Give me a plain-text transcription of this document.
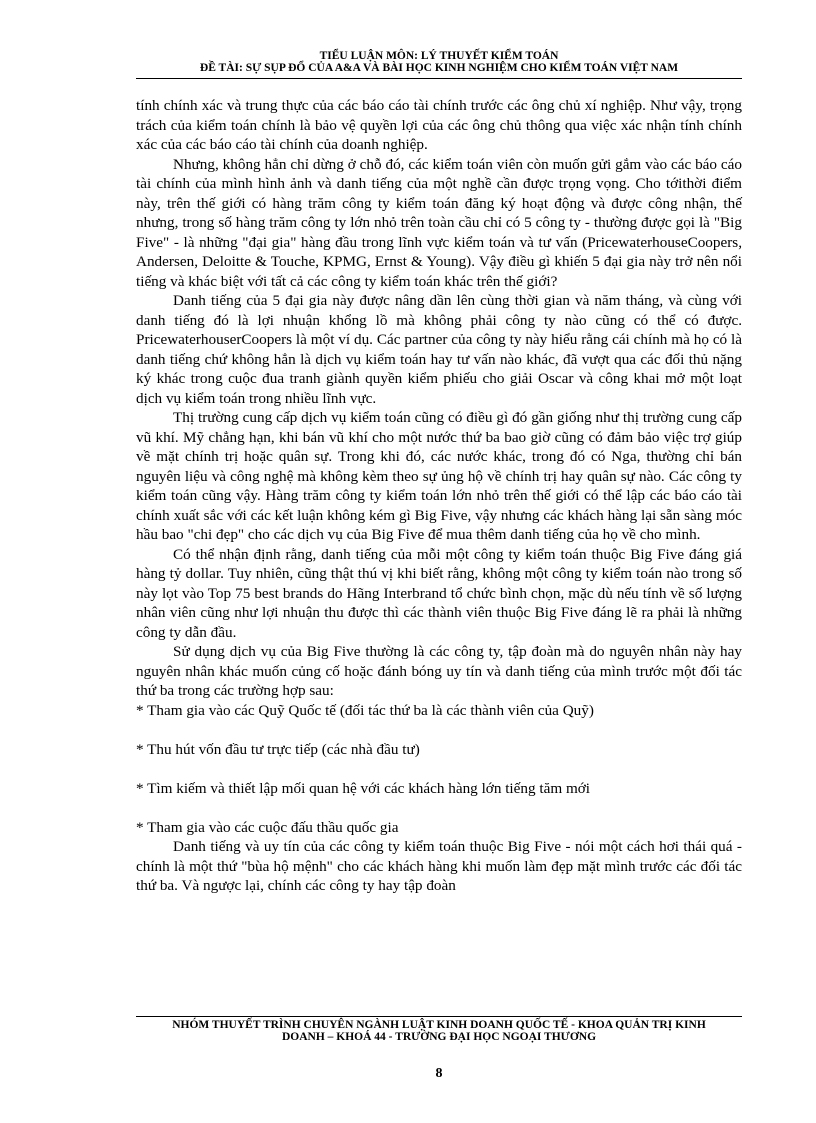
TIỂU LUẬN MÔN: LÝ THUYẾT KIỂM TOÁN
ĐỀ TÀI: SỰ SỤP ĐỔ CỦA A&A VÀ BÀI HỌC KINH NGHIỆM CHO KIỂM TOÁN VIỆT NAM

tính chính xác và trung thực của các báo cáo tài chính trước các ông chủ xí nghiệp. Như vậy, trọng trách của kiểm toán chính là bảo vệ quyền lợi của các ông chủ thông qua việc xác nhận tính chính xác của các báo cáo tài chính của doanh nghiệp.

Nhưng, không hẳn chỉ dừng ở chỗ đó, các kiểm toán viên còn muốn gửi gắm vào các báo cáo tài chính của mình hình ảnh và danh tiếng của một nghề cần được trọng vọng. Cho tớithời điểm này, trên thế giới có hàng trăm công ty kiểm toán đăng ký hoạt động và được công nhận, thế nhưng, trong số hàng trăm công ty lớn nhỏ trên toàn cầu chỉ có 5 công ty - thường được gọi là "Big Five" - là những "đại gia" hàng đầu trong lĩnh vực kiểm toán và tư vấn (PricewaterhouseCoopers, Andersen, Deloitte & Touche, KPMG, Ernst & Young). Vậy điều gì khiến 5 đại gia này trở nên nổi tiếng và khác biệt với tất cả các công ty kiểm toán khác trên thế giới?

Danh tiếng của 5 đại gia này được nâng dần lên cùng thời gian và năm tháng, và cùng với danh tiếng đó là lợi nhuận khổng lồ mà không phải công ty nào cũng có thể có được. PricewaterhouserCoopers là một ví dụ. Các partner của công ty này hiểu rằng cái chính mà họ có là danh tiếng chứ không hẳn là dịch vụ kiểm toán hay tư vấn nào khác, đã vượt qua các đối thủ nặng ký khác trong cuộc đua tranh giành quyền kiểm phiếu cho giải Oscar và công khai mở một loạt dịch vụ kiểm toán trong nhiều lĩnh vực.

Thị trường cung cấp dịch vụ kiểm toán cũng có điều gì đó gần giống như thị trường cung cấp vũ khí. Mỹ chẳng hạn, khi bán vũ khí cho một nước thứ ba bao giờ cũng có đảm bảo việc trợ giúp về mặt chính trị hoặc quân sự. Trong khi đó, các nước khác, trong đó có Nga, thường chỉ bán nguyên liệu và công nghệ mà không kèm theo sự ủng hộ về chính trị hay quân sự nào. Các công ty kiểm toán cũng vậy. Hàng trăm công ty kiểm toán lớn nhỏ trên thế giới có thể lập các báo cáo tài chính xuất sắc với các kết luận không kém gì Big Five, vậy nhưng các khách hàng lại sẵn sàng móc hầu bao "chi đẹp" cho các dịch vụ của Big Five để mua thêm danh tiếng của họ về cho mình.

Có thể nhận định rằng, danh tiếng của mỗi một công ty kiểm toán thuộc Big Five đáng giá hàng tỷ dollar. Tuy nhiên, cũng thật thú vị khi biết rằng, không một công ty kiểm toán nào trong số này lọt vào Top 75 best brands do Hãng Interbrand tổ chức bình chọn, mặc dù nếu tính về số lượng nhân viên cũng như lợi nhuận thu được thì các thành viên thuộc Big Five đáng lẽ ra phải là những công ty dẫn đầu.

Sử dụng dịch vụ của Big Five thường là các công ty, tập đoàn mà do nguyên nhân này hay nguyên nhân khác muốn củng cố hoặc đánh bóng uy tín và danh tiếng của mình trước một đối tác thứ ba trong các trường hợp sau:

* Tham gia vào các Quỹ Quốc tế (đối tác thứ ba là các thành viên của Quỹ)

* Thu hút vốn đầu tư trực tiếp (các nhà đầu tư)

* Tìm kiếm và thiết lập mối quan hệ với các khách hàng lớn tiếng tăm mới

* Tham gia vào các cuộc đấu thầu quốc gia

Danh tiếng và uy tín của các công ty kiểm toán thuộc Big Five - nói một cách hơi thái quá - chính là một thứ "bùa hộ mệnh" cho các khách hàng khi muốn làm đẹp mặt mình trước các đối tác thứ ba. Và ngược lại, chính các công ty hay tập đoàn

NHÓM THUYẾT TRÌNH CHUYÊN NGÀNH LUẬT KINH DOANH QUỐC TẾ - KHOA QUẢN TRỊ KINH
DOANH – KHOÁ 44 - TRƯỜNG ĐẠI HỌC NGOẠI THƯƠNG
8
